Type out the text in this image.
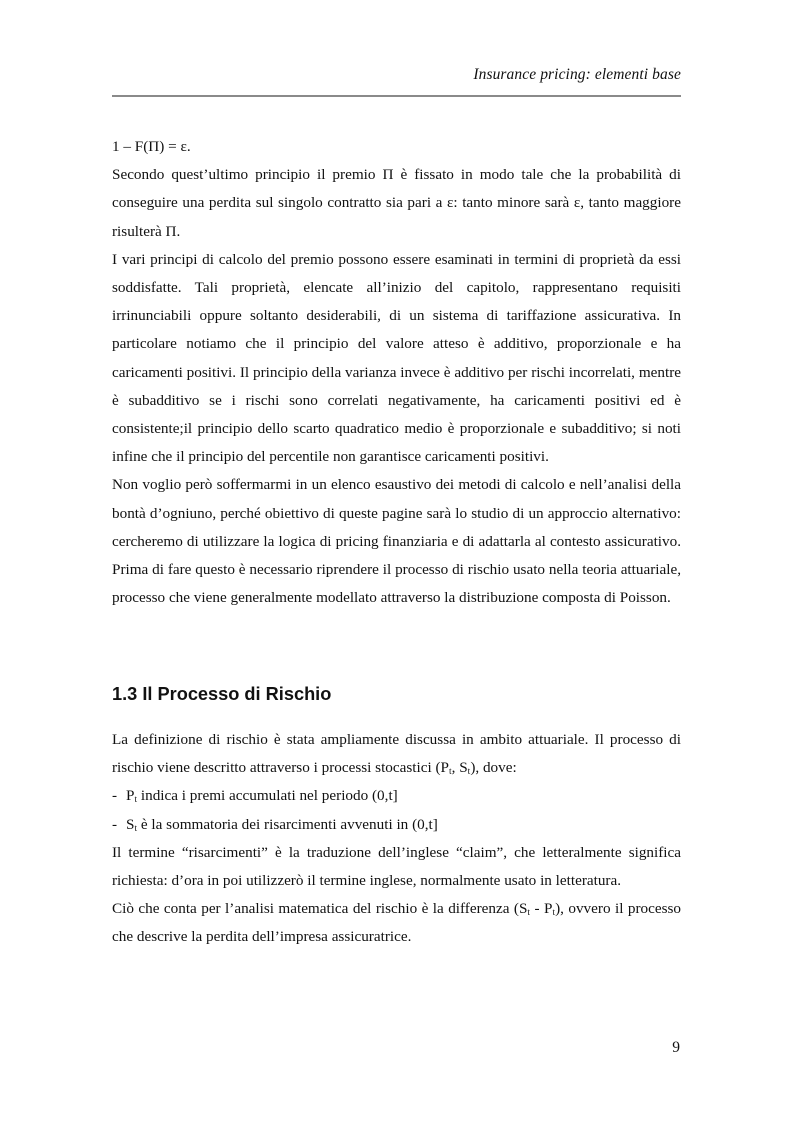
Insurance pricing: elementi base

1 – F(Π) = ε.

Secondo quest’ultimo principio il premio Π è fissato in modo tale che la probabilità di conseguire una perdita sul singolo contratto sia pari a ε: tanto minore sarà ε, tanto maggiore risulterà Π.

I vari principi di calcolo del premio possono essere esaminati in termini di proprietà da essi soddisfatte. Tali proprietà, elencate all’inizio del capitolo, rappresentano requisiti irrinunciabili oppure soltanto desiderabili, di un sistema di tariffazione assicurativa. In particolare notiamo che il principio del valore atteso è additivo, proporzionale e ha caricamenti positivi. Il principio della varianza invece è additivo per rischi incorrelati, mentre è subadditivo se i rischi sono correlati negativamente, ha caricamenti positivi ed è consistente;il principio dello scarto quadratico medio è proporzionale e subadditivo; si noti infine che il principio del percentile non garantisce caricamenti positivi.

Non voglio però soffermarmi in un elenco esaustivo dei metodi di calcolo e nell’analisi della bontà d’ogniuno, perché obiettivo di queste pagine sarà lo studio di un approccio alternativo: cercheremo di utilizzare la logica di pricing finanziaria e di adattarla al contesto assicurativo. Prima di fare questo è necessario riprendere il processo di rischio usato nella teoria attuariale, processo che viene generalmente modellato attraverso la distribuzione composta di Poisson.

1.3 Il Processo di Rischio

La definizione di rischio è stata ampliamente discussa in ambito attuariale. Il processo di rischio viene descritto attraverso i processi stocastici ($P_t$, $S_t$), dove:

- $P_t$ indica i premi accumulati nel periodo (0,t]
- $S_t$ è la sommatoria dei risarcimenti avvenuti in (0,t]

Il termine “risarcimenti” è la traduzione dell’inglese “claim”, che letteralmente significa richiesta: d’ora in poi utilizzerò il termine inglese, normalmente usato in letteratura.

Ciò che conta per l’analisi matematica del rischio è la differenza $(S_t - P_t)$, ovvero il processo che descrive la perdita dell’impresa assicuratrice.

9
